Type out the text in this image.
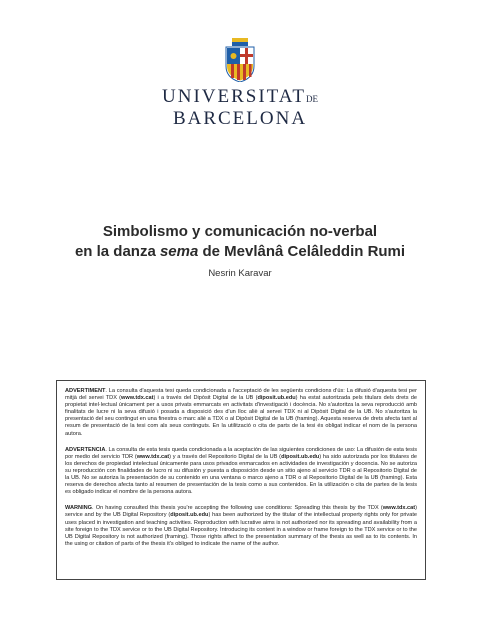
UNIVERSITATDE
BARCELONA
Simbolismo y comunicación no-verbal
en la danza sema de Mevlânâ Celâleddin Rumi
Nesrin Karavar

ADVERTIMENT. La consulta d'aquesta tesi queda condicionada a l'acceptació de les següents condicions d'ús: La difusió d'aquesta tesi per mitjà del servei TDX (www.tdx.cat) i a través del Dipòsit Digital de la UB (diposit.ub.edu) ha estat autoritzada pels titulars dels drets de propietat intel·lectual únicament per a usos privats emmarcats en activitats d'investigació i docència. No s'autoritza la seva reproducció amb finalitats de lucre ni la seva difusió i posada a disposició des d'un lloc aliè al servei TDX ni al Dipòsit Digital de la UB. No s'autoritza la presentació del seu contingut en una finestra o marc aliè a TDX o al Dipòsit Digital de la UB (framing). Aquesta reserva de drets afecta tant al resum de presentació de la tesi com als seus continguts. En la utilització o cita de parts de la tesi és obligat indicar el nom de la persona autora.

ADVERTENCIA. La consulta de esta tesis queda condicionada a la aceptación de las siguientes condiciones de uso: La difusión de esta tesis por medio del servicio TDR (www.tdx.cat) y a través del Repositorio Digital de la UB (diposit.ub.edu) ha sido autorizada por los titulares de los derechos de propiedad intelectual únicamente para usos privados enmarcados en actividades de investigación y docencia. No se autoriza su reproducción con finalidades de lucro ni su difusión y puesta a disposición desde un sitio ajeno al servicio TDR o al Repositorio Digital de la UB. No se autoriza la presentación de su contenido en una ventana o marco ajeno a TDR o al Repositorio Digital de la UB (framing). Esta reserva de derechos afecta tanto al resumen de presentación de la tesis como a sus contenidos. En la utilización o cita de partes de la tesis es obligado indicar el nombre de la persona autora.

WARNING. On having consulted this thesis you're accepting the following use conditions: Spreading this thesis by the TDX (www.tdx.cat) service and by the UB Digital Repository (diposit.ub.edu) has been authorized by the titular of the intellectual property rights only for private uses placed in investigation and teaching activities. Reproduction with lucrative aims is not authorized nor its spreading and availability from a site foreign to the TDX service or to the UB Digital Repository. Introducing its content in a window or frame foreign to the TDX service or to the UB Digital Repository is not authorized (framing). Those rights affect to the presentation summary of the thesis as well as to its contents. In the using or citation of parts of the thesis it's obliged to indicate the name of the author.
